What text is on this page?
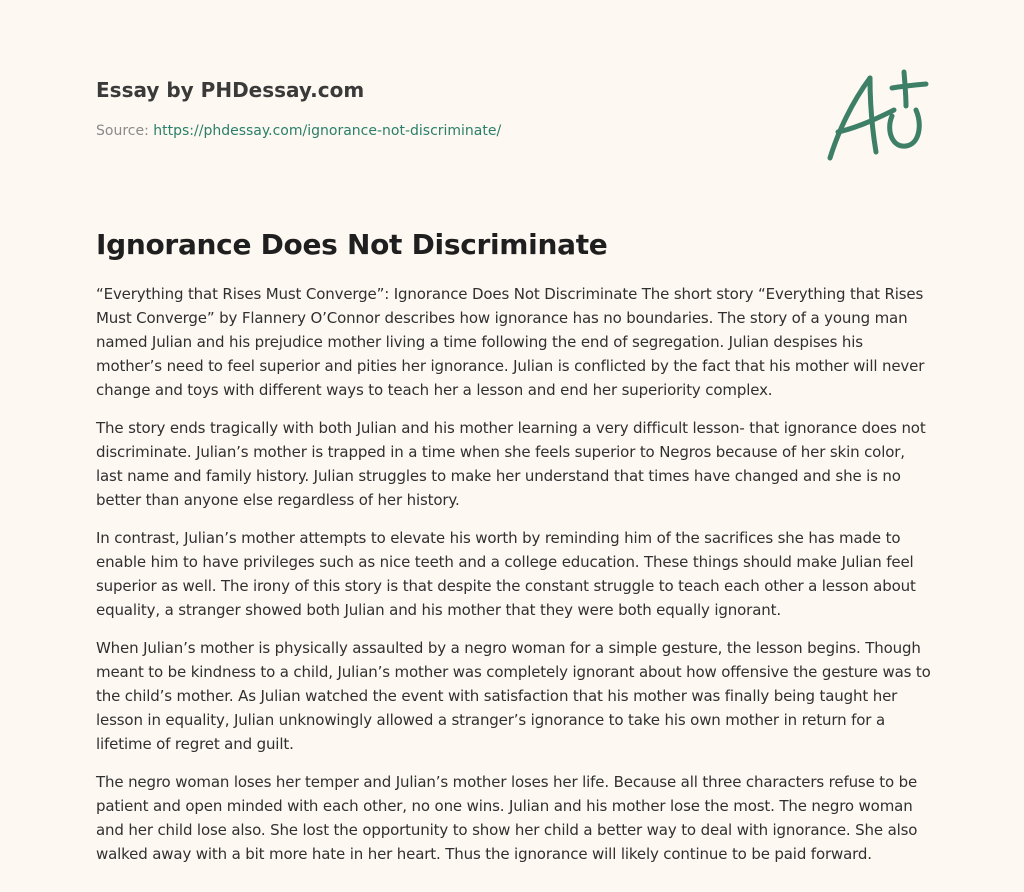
Essay by PHDessay.com
Source: https://phdessay.com/ignorance-not-discriminate/
Ignorance Does Not Discriminate

“Everything that Rises Must Converge”: Ignorance Does Not Discriminate The short story “Everything that Rises Must Converge” by Flannery O’Connor describes how ignorance has no boundaries. The story of a young man named Julian and his prejudice mother living a time following the end of segregation. Julian despises his mother’s need to feel superior and pities her ignorance. Julian is conflicted by the fact that his mother will never change and toys with different ways to teach her a lesson and end her superiority complex.

The story ends tragically with both Julian and his mother learning a very difficult lesson- that ignorance does not discriminate. Julian’s mother is trapped in a time when she feels superior to Negros because of her skin color, last name and family history. Julian struggles to make her understand that times have changed and she is no better than anyone else regardless of her history.

In contrast, Julian’s mother attempts to elevate his worth by reminding him of the sacrifices she has made to enable him to have privileges such as nice teeth and a college education. These things should make Julian feel superior as well. The irony of this story is that despite the constant struggle to teach each other a lesson about equality, a stranger showed both Julian and his mother that they were both equally ignorant.

When Julian’s mother is physically assaulted by a negro woman for a simple gesture, the lesson begins. Though meant to be kindness to a child, Julian’s mother was completely ignorant about how offensive the gesture was to the child’s mother. As Julian watched the event with satisfaction that his mother was finally being taught her lesson in equality, Julian unknowingly allowed a stranger’s ignorance to take his own mother in return for a lifetime of regret and guilt.

The negro woman loses her temper and Julian’s mother loses her life. Because all three characters refuse to be patient and open minded with each other, no one wins. Julian and his mother lose the most. The negro woman and her child lose also. She lost the opportunity to show her child a better way to deal with ignorance. She also walked away with a bit more hate in her heart. Thus the ignorance will likely continue to be paid forward.
